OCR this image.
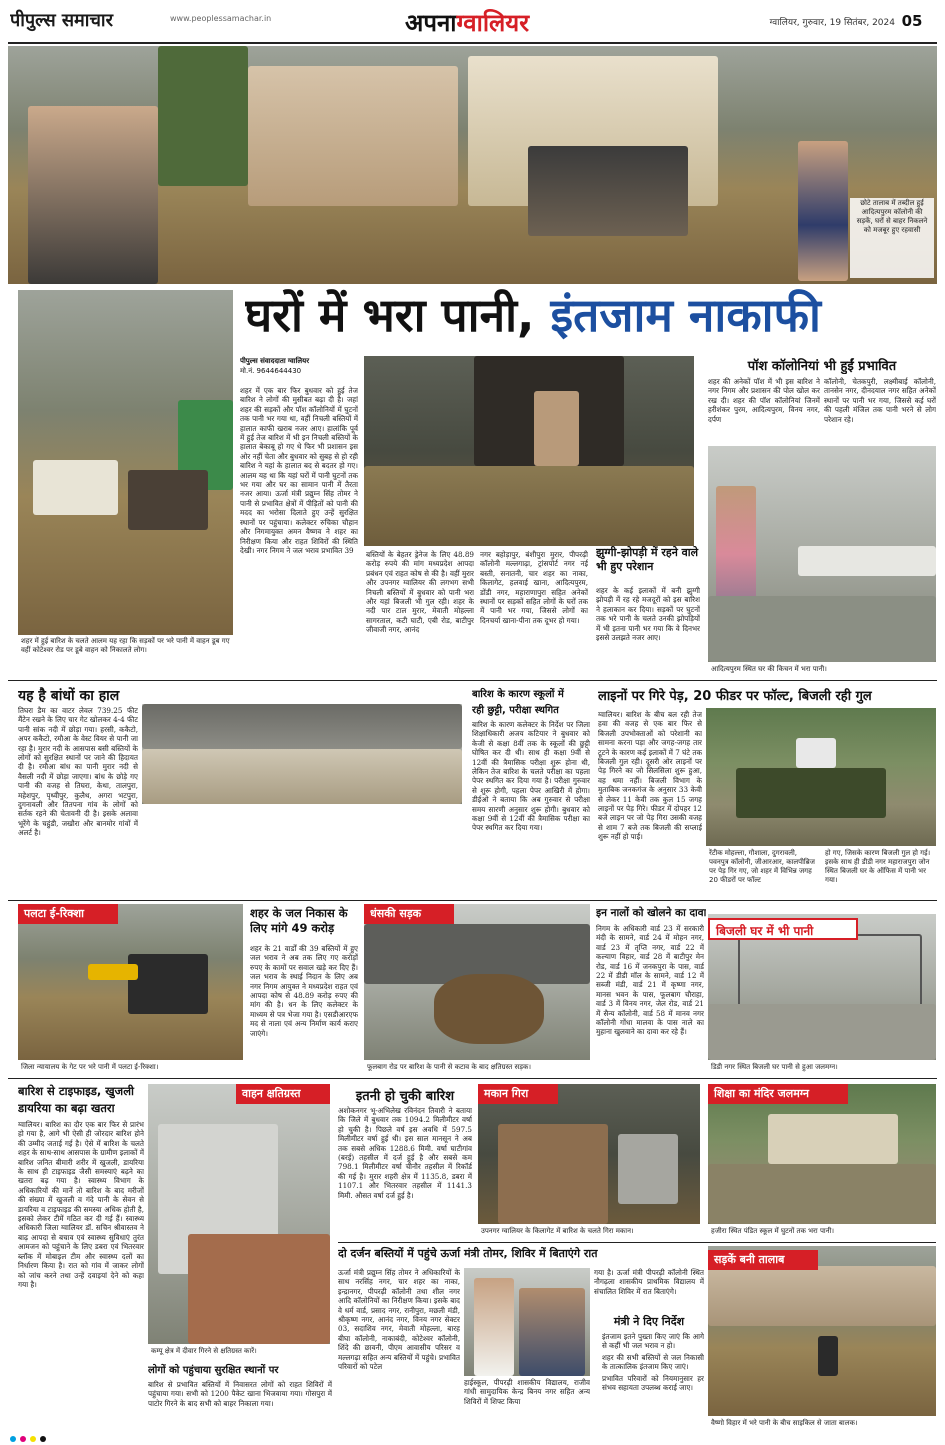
पीपुल्स समाचार	www.peoplessamachar.in	अपनाग्वालियर	ग्वालियर, गुरुवार, 19 सितंबर, 2024 05
छोटे तालाब में तब्दील हुई आदित्यपुरम कॉलोनी की सड़कें, घरों से बाहर निकलने को मजबूर हुए रहवासी
शहर में हुई बारिश के चलते आलम यह रहा कि सड़कों पर भरे पानी में वाहन डूब गए वहीं कोटेश्वर रोड पर डूबे वाहन को निकालते लोग।
घरों में भरा पानी, इंतजाम नाकाफी
पीपुल्स संवाददाता ग्वालियर
मो.नं. 9644644430
शहर में एक बार फिर बुधवार को हुई तेज बारिश ने लोगों की मुसीबत बढ़ा दी है। जहां शहर की सड़कों और पॉश कॉलोनियों में घुटनों तक पानी भर गया था, वहीं निचली बस्तियों में हालात काफी खराब नजर आए। हालांकि पूर्व में हुई तेज बारिश में भी इन निचली बस्तियों के हालात बेकाबू हो गए थे फिर भी प्रशासन इस ओर नहीं चेता और बुधवार को सुबह से हो रही बारिश ने यहां के हालात बद से बदतर हो गए। आलम यह था कि यहां घरों में पानी घुटनों तक भर गया और घर का सामान पानी में तैरता नजर आया। ऊर्जा मंत्री प्रद्युम्न सिंह तोमर ने पानी से प्रभावित क्षेत्रों में पीड़ितों को पानी की मदद का भरोसा दिलाते हुए उन्हें सुरक्षित स्थानों पर पहुंचाया। कलेक्टर रुचिका चौहान और निगमायुक्त अमन वैष्णव ने शहर का निरीक्षण किया और राहत शिविरों की स्थिति देखी। नगर निगम ने जल भराव प्रभावित 39	झुग्गी-झोपड़ी में रहने वाले भी हुए परेशान
बस्तियों के बेहतर ड्रेनेज के लिए 48.89 करोड़ रुपये की मांग मध्यप्रदेश आपदा प्रबंधन एवं राहत कोष से की है। वहीं मुरार और उपनगर ग्वालियर की लगभग सभी निचली बस्तियों में बुधवार को पानी भरा और यहां बिजली भी गुल रही। शहर के नदी पार टाल मुरार, मेवाती मोहल्ला सागरताल, कटी घाटी, एबी रोड, बाटीपुर जीवाजी नगर, आनंद
नगर बहोड़ापुर, बंशीपुरा मुरार, पीपरढ़ी कॉलोनी मल्लगाढ़ा, ट्रांसपोर्ट नगर नई बस्ती, सनातनी, चार शहर का नाका, किलागेट, हलवाई खाना, आदित्यपुरम, डोंडी नगर, महाराणापुरा सहित अनेकों स्थानों पर सड़कों सहित लोगों के घरों तक में पानी भर गया, जिससे लोगों का दिनचर्या खाना-पीना तक दूभर हो गया।
शहर के कई इलाकों में बनी झुग्गी झोपड़ी में रह रहे मजदूरों को इस बारिश ने हलाकान कर दिया। सड़कों पर घुटनों तक भरे पानी के चलते उनकी झोपड़ियों में भी इतना पानी भर गया कि वे दिनभर इससे उलझते नजर आए।
पॉश कॉलोनियां भी हुईं प्रभावित
शहर की अनेकों पॉश में भी इस बारिश ने नगर निगम और प्रशासन की पोल खोल कर रख दी। शहर की पॉश कॉलोनियां जिनमें हरीशंकर पुरम, आदित्यपुरम, विनय नगर, दर्पण
कॉलोनी, चेतकपुरी, लक्ष्मीबाई कॉलोनी, तानसेन नगर, दीनदयाल नगर सहित अनेकों स्थानों पर पानी भर गया, जिससे कई घरों की पहली मंजिल तक पानी भरने से लोग परेशान रहे।
आदित्यपुरम स्थित घर की किचन में भरा पानी।
यह है बांधों का हाल
तिघरा डैम का वाटर लेवल 739.25 फीट मैंटेन रखने के लिए चार गेट खोलकर 4-4 फीट पानी सांक नदी में छोड़ा गया। हरसी, ककैटो, अपर ककैटो, रमौआ के वेस्ट वियर से पानी जा रहा है। मुरार नदी के आसपास बसी बस्तियों के लोगों को सुरक्षित स्थानों पर जाने की हिदायत दी है। रमौआ बांध का पानी मुरार नदी से वैसली नदी में छोड़ा जाएगा। बांध के छोड़े गए पानी की वजह से तिघरा, केथा, तालपुरा, महेशपुर, पृथ्वीपुर, कुलैथ, अगरा भटपुरा, दुगनावली और तितपना गांव के लोगों को सर्तक रहने की चेतावनी दी है। इसके अलावा भूरेंगे के चहुंडी, जखौरा और बानमोर गांवों में अलर्ट है।
बारिश के कारण स्कूलों में
रही छुट्टी, परीक्षा स्थगित
बारिश के कारण कलेक्टर के निर्देश पर जिला शिक्षाधिकारी अजय कटियार ने बुधवार को केजी से कक्षा 8वीं तक के स्कूलों की छुट्टी घोषित कर दी थी। साथ ही कक्षा 9वीं से 12वीं की त्रैमासिक परीक्षा शुरू होना थी, लेकिन तेज बारिश के चलते परीक्षा का पहला पेपर स्थगित कर दिया गया है। परीक्षा गुरुवार से शुरू होगी, पहला पेपर आखिरी में होगा। डीईओ ने बताया कि अब गुरुवार से परीक्षा समय सारणी अनुसार शुरू होगी। बुधवार को कक्षा 9वीं से 12वीं की त्रैमासिक परीक्षा का पेपर स्थगित कर दिया गया।
लाइनों पर गिरे पेड़, 20 फीडर पर फॉल्ट, बिजली रही गुल
ग्वालियर। बारिश के बीच बल रही तेज हवा की वजह से एक बार फिर से बिजली उपभोक्ताओं को परेशानी का सामना करना पड़ा और जगह-जगह तार टूटने के कारण कई इलाकों में 7 घंटे तक बिजली गुल रही। दूसरी ओर लाइनों पर पेड़ गिरने का जो सिलसिला शुरू हुआ, वह थमा नहीं। बिजली विभाग के मुताबिक जनकगंज के अनुसार 33 केवी से लेकर 11 केवी तक कुल 15 जगह लाइनों पर पेड़ गिरे। फीडर में दोपहर 12 बजे लाइन पर जो पेड़ गिरा उसकी वजह से शाम 7 बजे तक बिजली की सप्लाई शुरू नहीं हो पाई।
रेंटीक मोहल्ला, गौशाला, दुगरावली, पवनपुत्र कॉलोनी, जीआरआर, कालपीब्रिज पर पेड़ गिर गए, जो शहर में विभिन्न जगह 20 फीडरों पर फॉल्ट
हो गए, जिसके कारण बिजली गुल हो गई। इसके साथ ही डीडी नगर महाराजपुरा जोन स्थित बिजली घर के ऑफिस में पानी भर गया।
पलटा ई-रिक्शा
जिला न्यायालय के गेट पर भरे पानी में पलटा ई-रिक्शा।
शहर के जल निकास के लिए मांगे 49 करोड़
शहर के 21 वार्डों की 39 बस्तियों में हुए जल भराव ने अब तक लिए गए करोड़ों रुपए के कामों पर सवाल खड़े कर दिए हैं। जल भराव के स्थाई निदान के लिए अब नगर निगम आयुक्त ने मध्यप्रदेश राहत एवं आपदा कोष से 48.89 करोड़ रुपए की मांग की है। धन के लिए कलेक्टर के माध्यम से पत्र भेजा गया है। एसडीआरएफ मद से नाला एवं अन्य निर्माण कार्य कराए जाएंगे।
धंसकी सड़क
फूलबाग रोड पर बारिश के पानी से कटाव के बाद क्षतिग्रस्त सड़क।
इन नालों को खोलने का दावा
निगम के अधिकारी वार्ड 23 में सरकारी मंदी के सामने, वार्ड 24 में मोहन नगर, वार्ड 23 में तृप्ति नगर, वार्ड 22 में कल्याण विहार, वार्ड 28 में बाटीपुर मेन रोड, वार्ड 16 में जनकपुरा के पास, वार्ड 22 में डीडी मॉल के सामने, वार्ड 12 में सब्जी मंडी, वार्ड 21 में कृष्णा नगर, मानस भवन के पास, फूलबाग चौराहा, वार्ड 3 में विनय नगर, जेल रोड, वार्ड 21 में सैन्य कॉलोनी, वार्ड 58 में मानव नगर कॉलोनी गोंधा मालवा के पास नाले का मुहाना खुलवाने का दावा कर रहे हैं।
बिजली घर में भी पानी
डिडी नगर स्थित बिजली घर पानी से हुआ जलमग्न।
बारिश से टाइफाइड, खुजली
डायरिया का बढ़ा खतरा
ग्वालियर। बारिश का दौर एक बार फिर से प्रारंभ हो गया है, आगे भी ऐसी ही जोरदार बारिश होने की उम्मीद जताई गई है। ऐसे में बारिश के चलते शहर के साथ-साथ आसपास के ग्रामीण इलाकों में बारिश जनित बीमारी शरीर में खुजली, डायरिया के साथ ही टाइफाइड जैसी समस्याएं बढ़ने का खतरा बढ़ गया है। स्वास्थ्य विभाग के अधिकारियों की मानें तो बारिश के बाद मरीजों की संख्या में खुजली व गंदे पानी के सेवन से डायरिया व टाइफाइड की समस्या अधिक होती है, इसको लेकर टीमें गठित कर दी गई हैं। स्वास्थ्य अधिकारी जिला ग्वालियर डॉ. सचिन श्रीवास्तव ने बाढ़ आपदा से बचाव एवं स्वास्थ्य सुविधाएं तुरंत आमजन को पहुंचाने के लिए डबरा एवं भितरवार ब्लॉक में मोबाइल टीम और स्वास्थ्य दलों का निर्धारण किया है। रात को गांव में जाकर लोगों को जांच करने तथा उन्हें दवाइयां देने को कहा गया है।
वाहन क्षतिग्रस्त
कम्पू क्षेत्र में दीवार गिरने से क्षतिग्रस्त कारें।
लोगों को पहुंचाया सुरक्षित स्थानों पर
बारिश से प्रभावित बस्तियों में निवासरत लोगों को राहत शिविरों में पहुंचाया गया। सभी को 1200 पैकेट खाना भिजवाया गया। गोसपुरा में पाटोर गिरने के बाद सभी को बाहर निकाला गया।
इतनी हो चुकी बारिश
अशोकनगर भू-अभिलेख रविनंदन तिवारी ने बताया कि जिले में बुधवार तक 1094.2 मिलीमीटर वर्षा हो चुकी है। पिछले वर्ष इस अवधि में 597.5 मिलीमीटर वर्षा हुई थी। इस साल मानसून ने अब तक सबसे अधिक 1288.6 मिमी. वर्षा घाटीगांव (बरई) तहसील में दर्ज हुई है और सबसे कम 798.1 मिलीमीटर वर्षा चीनौर तहसील में रिकॉर्ड की गई है। मुरार शहरी क्षेत्र में 1135.8, डबरा में 1107.1 और भितरवार तहसील में 1141.3 मिमी. औसत वर्षा दर्ज हुई है।
मकान गिरा
उपनगर ग्वालियर के किलागेट में बारिश के चलते गिरा मकान।
शिक्षा का मंदिर जलमग्न
हजीरा स्थित पंडित स्कूल में घुटनों तक भरा पानी।
दो दर्जन बस्तियों में पहुंचे ऊर्जा मंत्री तोमर, शिविर में बिताएंगे रात
ऊर्जा मंत्री प्रद्युम्न सिंह तोमर ने अधिकारियों के साथ नरसिंह नगर, चार शहर का नाका, इन्द्रानगर, पीपरढ़ी कॉलोनी तथा शील नगर आदि कॉलोनियों का निरीक्षण किया। इसके बाद वे धर्म वार्ड, प्रसाद नगर, रानीपुरा, मछली मंडी, श्रीकृष्ण नगर, आनंद नगर, विनय नगर सेक्टर 03, सदाशिव नगर, मेवाती मोहल्ला, बारह बीघा कॉलोनी, नाकाबंदी, कोटेश्वर कॉलोनी, शिंदे की छावनी, पीएम आवासीय परिसर व मल्लगढ़ा सहित अन्य बस्तियों में पहुंचे। प्रभावित परिवारों को पटेल
हाईस्कूल, पीपरढ़ी शासकीय विद्यालय, राजीव गांधी सामुदायिक केन्द्र बिनय नगर सहित अन्य शिविरों में शिफ्ट किया
गया है। ऊर्जा मंत्री पीपरढ़ी कॉलोनी स्थित नौगढ़ला शासकीय प्राथमिक विद्यालय में संचालित शिविर में रात बिताएंगे।
मंत्री ने दिए निर्देश
इंतजाम इतने पुख्ता किए जाएं कि आगे से कहीं भी जल भराव न हो।
शहर की सभी बस्तियों से जल निकासी के तात्कालिक इंतजाम किए जाएं।
प्रभावित परिवारों को नियमानुसार हर संभव सहायता उपलब्ध कराई जाए।
सड़कें बनी तालाब
वैष्णो विहार में भरे पानी के बीच साइकिल से जाता बालक।
